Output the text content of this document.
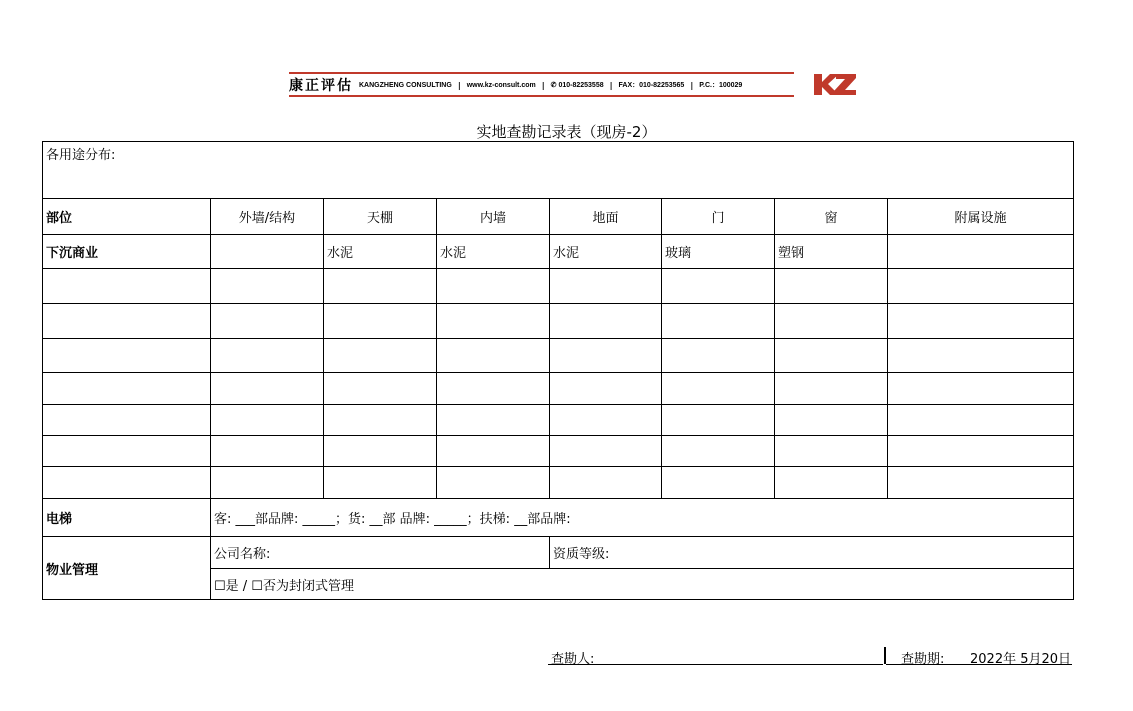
康正评估 KANGZHENG CONSULTING | www.kz-consult.com | ✆ 010-82253558 | FAX：010-82253565 | P.C.：100029
实地查勘记录表（现房-2）
各用途分布:							
部位	外墙/结构	天棚	内墙	地面	门	窗	附属设施
下沉商业		水泥	水泥	水泥	玻璃	塑钢	

电梯	客: ___部品牌: _____；货: __部 品牌: _____；扶梯: __部品牌:						
物业管理	公司名称:			资质等级:			
	☐是 / ☐否为封闭式管理						
查勘人:	查勘期: 2022年 5月20日
